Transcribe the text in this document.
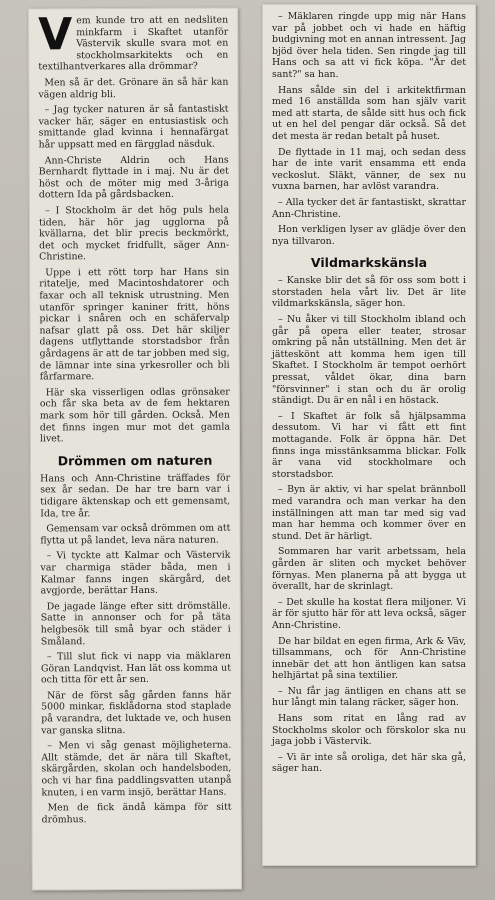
V em kunde tro att en nedsliten minkfarm i Skaftet utanför Västervik skulle svara mot en stockholmsarkitekts och en textilhantverkares alla drömmar?

Men så är det. Grönare än så här kan vägen aldrig bli.

– Jag tycker naturen är så fantastiskt vacker här, säger en entusiastisk och smittande glad kvinna i hennafärgat hår uppsatt med en färgglad näsduk.

Ann-Christe Aldrin och Hans Bernhardt flyttade in i maj. Nu är det höst och de möter mig med 3-åriga dottern Ida på gårdsbacken.

– I Stockholm är det hög puls hela tiden, här hör jag ugglorna på kvällarna, det blir precis beckmörkt, det och mycket fridfullt, säger Ann-Christine.

Uppe i ett rött torp har Hans sin ritatelje, med Macintoshdatorer och faxar och all teknisk utrustning. Men utanför springer kaniner fritt, höns pickar i snåren och en schäfervalp nafsar glatt på oss. Det här skiljer dagens utflyttande storstadsbor från gårdagens är att de tar jobben med sig, de lämnar inte sina yrkesroller och bli fårfarmare.

Här ska visserligen odlas grönsaker och får ska beta av de fem hektaren mark som hör till gården. Också. Men det finns ingen mur mot det gamla livet.

Drömmen om naturen

Hans och Ann-Christine träffades för sex år sedan. De har tre barn var i tidigare äktenskap och ett gemensamt, Ida, tre år.

Gemensam var också drömmen om att flytta ut på landet, leva nära naturen.

– Vi tyckte att Kalmar och Västervik var charmiga städer båda, men i Kalmar fanns ingen skärgård, det avgjorde, berättar Hans.

De jagade länge efter sitt drömställe. Satte in annonser och for på täta helgbesök till små byar och städer i Småland.

– Till slut fick vi napp via mäklaren Göran Landqvist. Han lät oss komma ut och titta för ett år sen.

När de först såg gården fanns här 5000 minkar, fisklådorna stod staplade på varandra, det luktade ve, och husen var ganska slitna.

– Men vi såg genast möjligheterna. Allt stämde, det är nära till Skaftet, skärgården, skolan och handelsboden, och vi har fina paddlingsvatten utanpå knuten, i en varm insjö, berättar Hans.

Men de fick ändå kämpa för sitt drömhus.

– Mäklaren ringde upp mig när Hans var på jobbet och vi hade en häftig budgivning mot en annan intressent. Jag bjöd över hela tiden. Sen ringde jag till Hans och sa att vi fick köpa. "Är det sant?" sa han.

Hans sålde sin del i arkitektfirman med 16 anställda som han själv varit med att starta, de sålde sitt hus och fick ut en hel del pengar där också. Så det det mesta är redan betalt på huset.

De flyttade in 11 maj, och sedan dess har de inte varit ensamma ett enda veckoslut. Släkt, vänner, de sex nu vuxna barnen, har avlöst varandra.

– Alla tycker det är fantastiskt, skrattar Ann-Christine.

Hon verkligen lyser av glädje över den nya tillvaron.

Vildmarkskänsla

– Kanske blir det så för oss som bott i storstaden hela vårt liv. Det är lite vildmarkskänsla, säger hon.

– Nu åker vi till Stockholm ibland och går på opera eller teater, strosar omkring på nån utställning. Men det är jätteskönt att komma hem igen till Skaftet. I Stockholm är tempot oerhört pressat, våldet ökar, dina barn "försvinner" i stan och du är orolig ständigt. Du är en nål i en höstack.

– I Skaftet är folk så hjälpsamma dessutom. Vi har vi fått ett fint mottagande. Folk är öppna här. Det finns inga misstänksamma blickar. Folk är vana vid stockholmare och storstadsbor.

– Byn är aktiv, vi har spelat brännboll med varandra och man verkar ha den inställningen att man tar med sig vad man har hemma och kommer över en stund. Det är härligt.

Sommaren har varit arbetssam, hela gården är sliten och mycket behöver förnyas. Men planerna på att bygga ut överallt, har de skrinlagt.

– Det skulle ha kostat flera miljoner. Vi är för sjutto här för att leva också, säger Ann-Christine.

De har bildat en egen firma, Ark & Väv, tillsammans, och för Ann-Christine innebär det att hon äntligen kan satsa helhjärtat på sina textilier.

– Nu får jag äntligen en chans att se hur långt min talang räcker, säger hon.

Hans som ritat en lång rad av Stockholms skolor och förskolor ska nu jaga jobb i Västervik.

– Vi är inte så oroliga, det här ska gå, säger han.
